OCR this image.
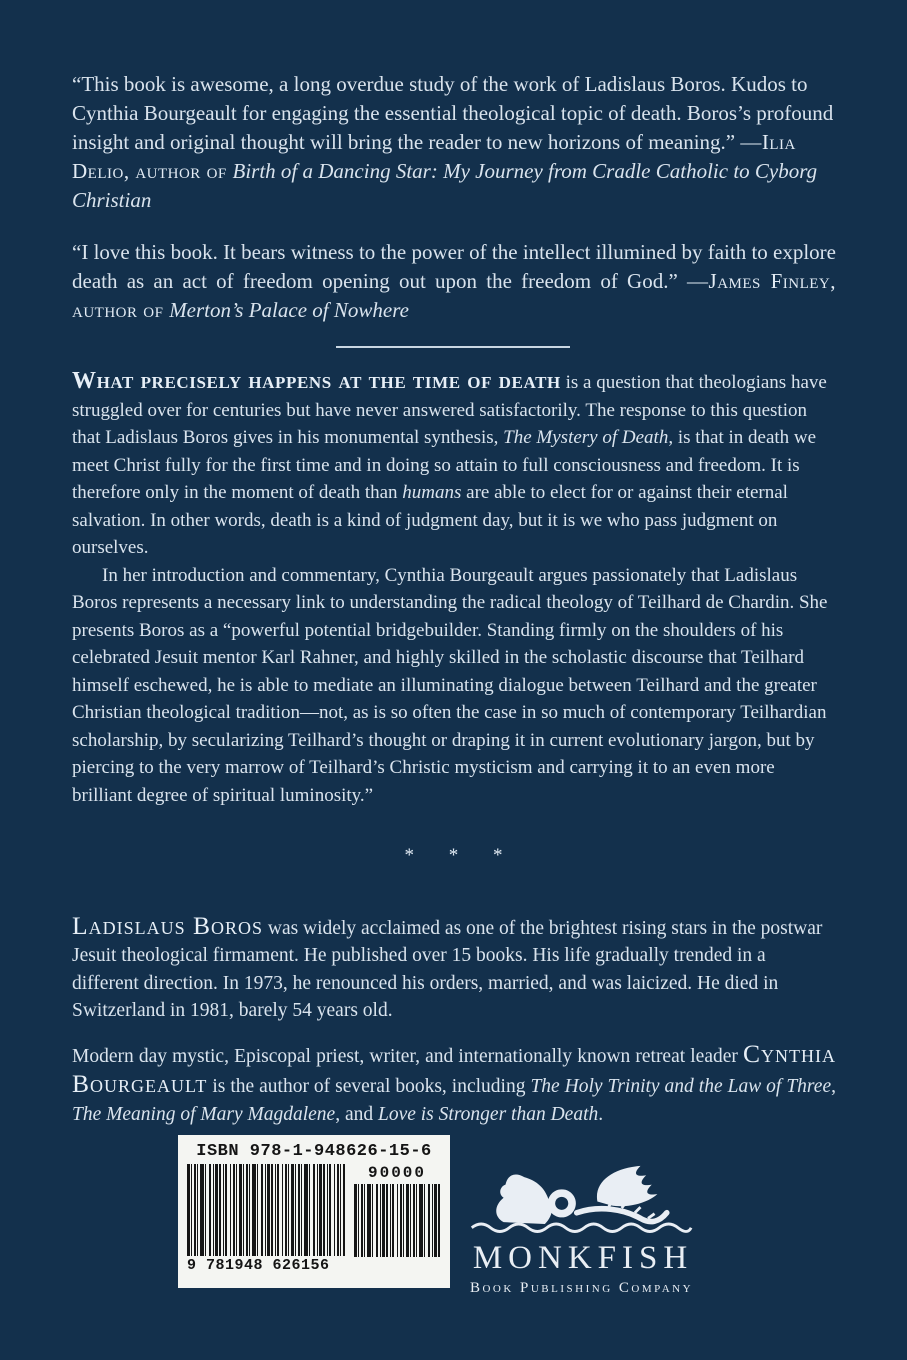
“This book is awesome, a long overdue study of the work of Ladislaus Boros. Kudos to Cynthia Bourgeault for engaging the essential theological topic of death. Boros’s profound insight and original thought will bring the reader to new horizons of meaning.” —Ilia Delio, author of Birth of a Dancing Star: My Journey from Cradle Catholic to Cyborg Christian
“I love this book. It bears witness to the power of the intellect illumined by faith to explore death as an act of freedom opening out upon the freedom of God.” —James Finley, author of Merton’s Palace of Nowhere

What precisely happens at the time of death is a question that theologians have struggled over for centuries but have never answered satisfactorily. The response to this question that Ladislaus Boros gives in his monumental synthesis, The Mystery of Death, is that in death we meet Christ fully for the first time and in doing so attain to full consciousness and freedom. It is therefore only in the moment of death than humans are able to elect for or against their eternal salvation. In other words, death is a kind of judgment day, but it is we who pass judgment on ourselves.

In her introduction and commentary, Cynthia Bourgeault argues passionately that Ladislaus Boros represents a necessary link to understanding the radical theology of Teilhard de Chardin. She presents Boros as a “powerful potential bridgebuilder. Standing firmly on the shoulders of his celebrated Jesuit mentor Karl Rahner, and highly skilled in the scholastic discourse that Teilhard himself eschewed, he is able to mediate an illuminating dialogue between Teilhard and the greater Christian theological tradition—not, as is so often the case in so much of contemporary Teilhardian scholarship, by secularizing Teilhard’s thought or draping it in current evolutionary jargon, but by piercing to the very marrow of Teilhard’s Christic mysticism and carrying it to an even more brilliant degree of spiritual luminosity.”

* * *

Ladislaus Boros was widely acclaimed as one of the brightest rising stars in the postwar Jesuit theological firmament. He published over 15 books. His life gradually trended in a different direction. In 1973, he renounced his orders, married, and was laicized. He died in Switzerland in 1981, barely 54 years old.

Modern day mystic, Episcopal priest, writer, and internationally known retreat leader Cynthia Bourgeault is the author of several books, including The Holy Trinity and the Law of Three, The Meaning of Mary Magdalene, and Love is Stronger than Death.

ISBN 978-1-948626-15-6
9 781948 626156
90000
MONKFISH
Book Publishing Company
